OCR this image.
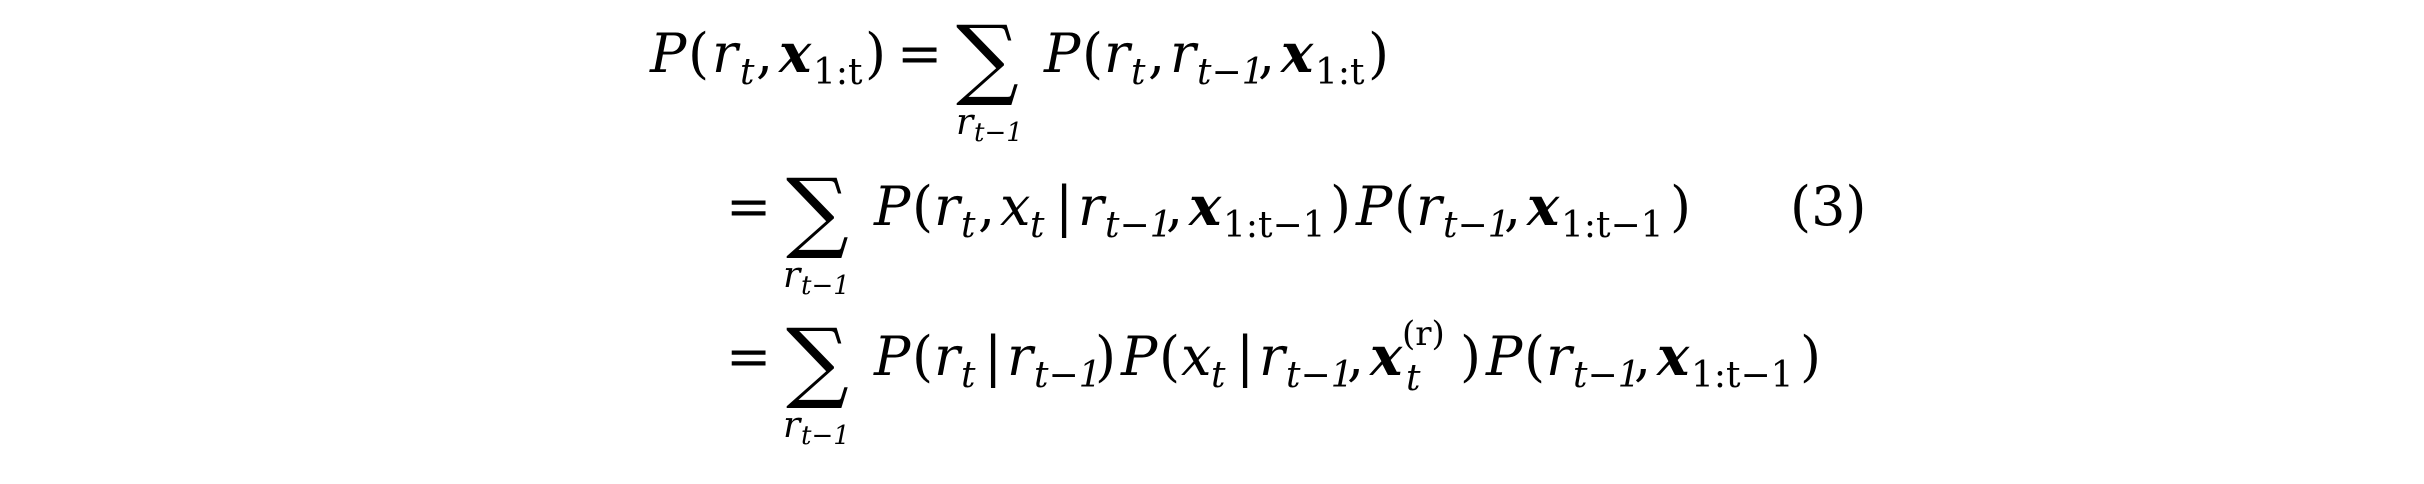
P ( r t , x 1:t ) = ∑
r t−1
P ( r t , r t−1
, x 1:t )
= ∑
r t−1
P ( r t , x t | r t−1
, x 1:t−1 ) P ( r t−1
, x 1:t−1 ) (3)
= ∑
r t−1
P ( r t | r t−1
) P ( x t | r t−1
, x t
(r) ) P ( r t−1
, x 1:t−1 )
